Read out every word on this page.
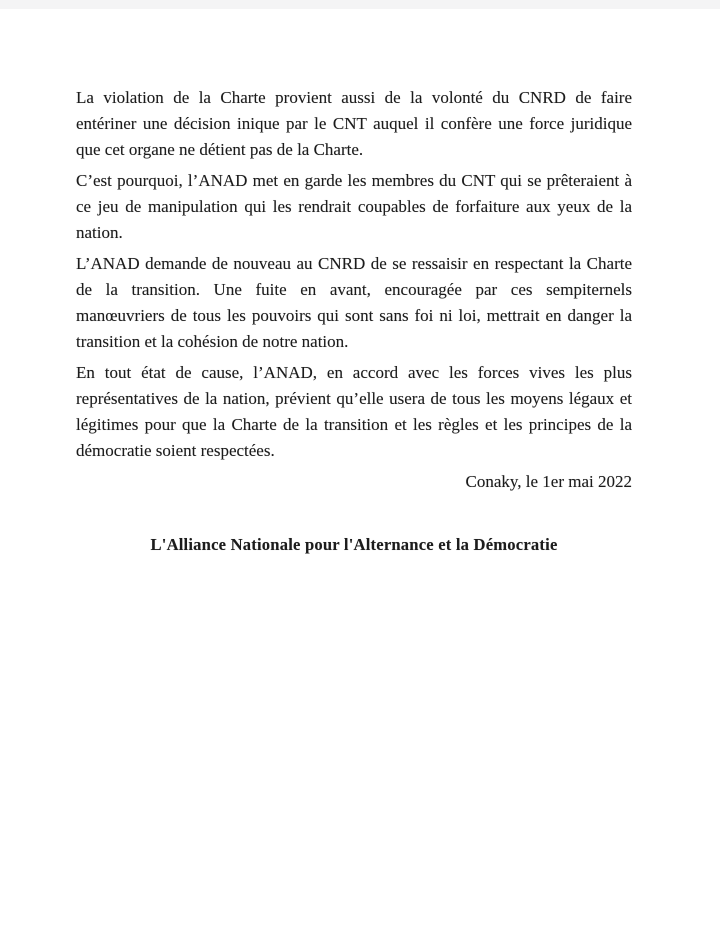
La violation de la Charte provient aussi de la volonté du CNRD de faire
entériner une décision inique par le CNT auquel il confère une force juridique
que cet organe ne détient pas de la Charte.

C’est pourquoi, l’ANAD met en garde les membres du CNT qui se prêteraient à
ce jeu de manipulation qui les rendrait coupables de forfaiture aux yeux de la
nation.

L’ANAD demande de nouveau au CNRD de se ressaisir en respectant la Charte
de la transition. Une fuite en avant, encouragée par ces sempiternels
manœuvriers de tous les pouvoirs qui sont sans foi ni loi, mettrait en danger la
transition et la cohésion de notre nation.

En tout état de cause, l’ANAD, en accord avec les forces vives les plus
représentatives de la nation, prévient qu’elle usera de tous les moyens légaux et
légitimes pour que la Charte de la transition et les règles et les principes de la
démocratie soient respectées.

Conaky, le 1er mai 2022
L'Alliance Nationale pour l'Alternance et la Démocratie
